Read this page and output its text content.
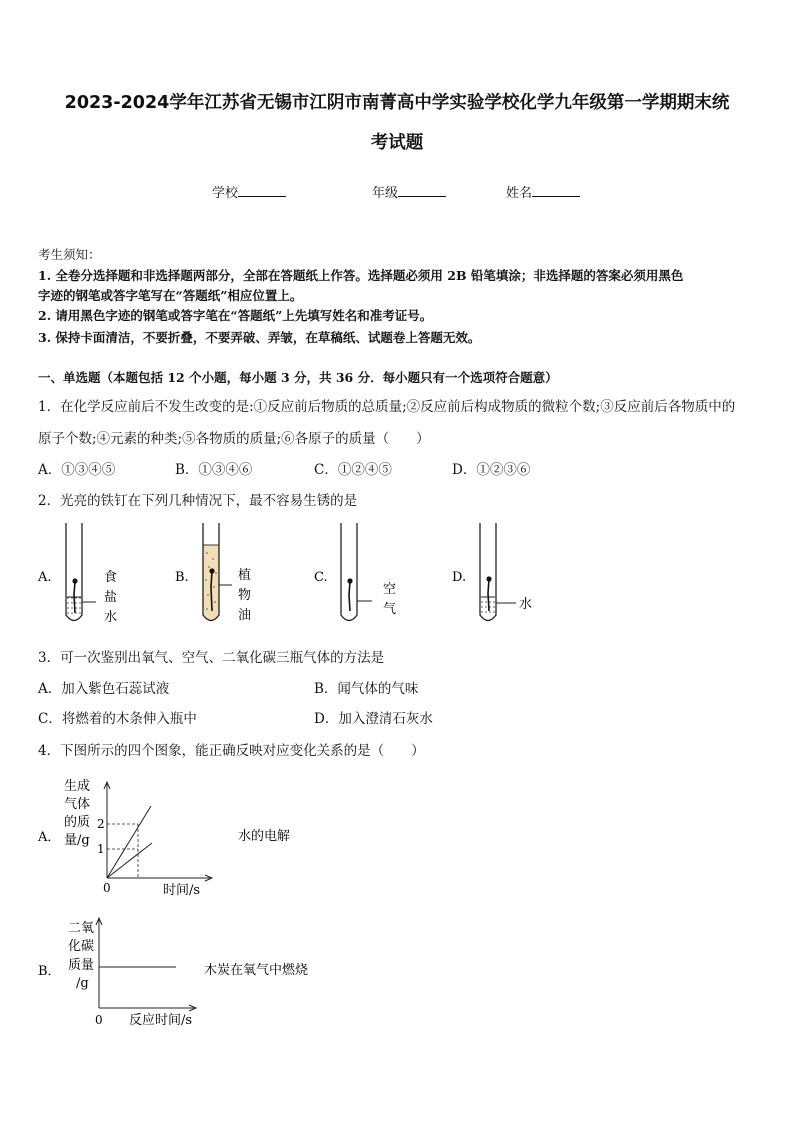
2023-2024学年江苏省无锡市江阴市南菁高中学实验学校化学九年级第一学期期末统
考试题
学校	年级	姓名
考生须知：
1. 全卷分选择题和非选择题两部分，全部在答题纸上作答。选择题必须用 2B 铅笔填涂；非选择题的答案必须用黑色
字迹的钢笔或答字笔写在“答题纸”相应位置上。
2. 请用黑色字迹的钢笔或答字笔在“答题纸”上先填写姓名和准考证号。
3. 保持卡面清洁，不要折叠，不要弄破、弄皱，在草稿纸、试题卷上答题无效。
一、单选题（本题包括 12 个小题，每小题 3 分，共 36 分．每小题只有一个选项符合题意）
1．在化学反应前后不发生改变的是:①反应前后物质的总质量;②反应前后构成物质的微粒个数;③反应前后各物质中的
原子个数;④元素的种类;⑤各物质的质量;⑥各原子的质量（　　）
A．①③④⑤	B．①③④⑥	C．①②④⑤	D．①②③⑥
2．光亮的铁钉在下列几种情况下，最不容易生锈的是
A.	食
盐
水
B.	植
物
油
C.
空
气
D.
水
3．可一次鉴别出氧气、空气、二氧化碳三瓶气体的方法是
A．加入紫色石蕊试液	B．闻气体的气味
C．将燃着的木条伸入瓶中	D．加入澄清石灰水
4．下图所示的四个图象，能正确反映对应变化关系的是（　　）
A．
生成
气体
的质
量/g
2
1
0	时间/s
水的电解
B．
二氧
化碳
质量
/g
0 反应时间/s
木炭在氧气中燃烧
